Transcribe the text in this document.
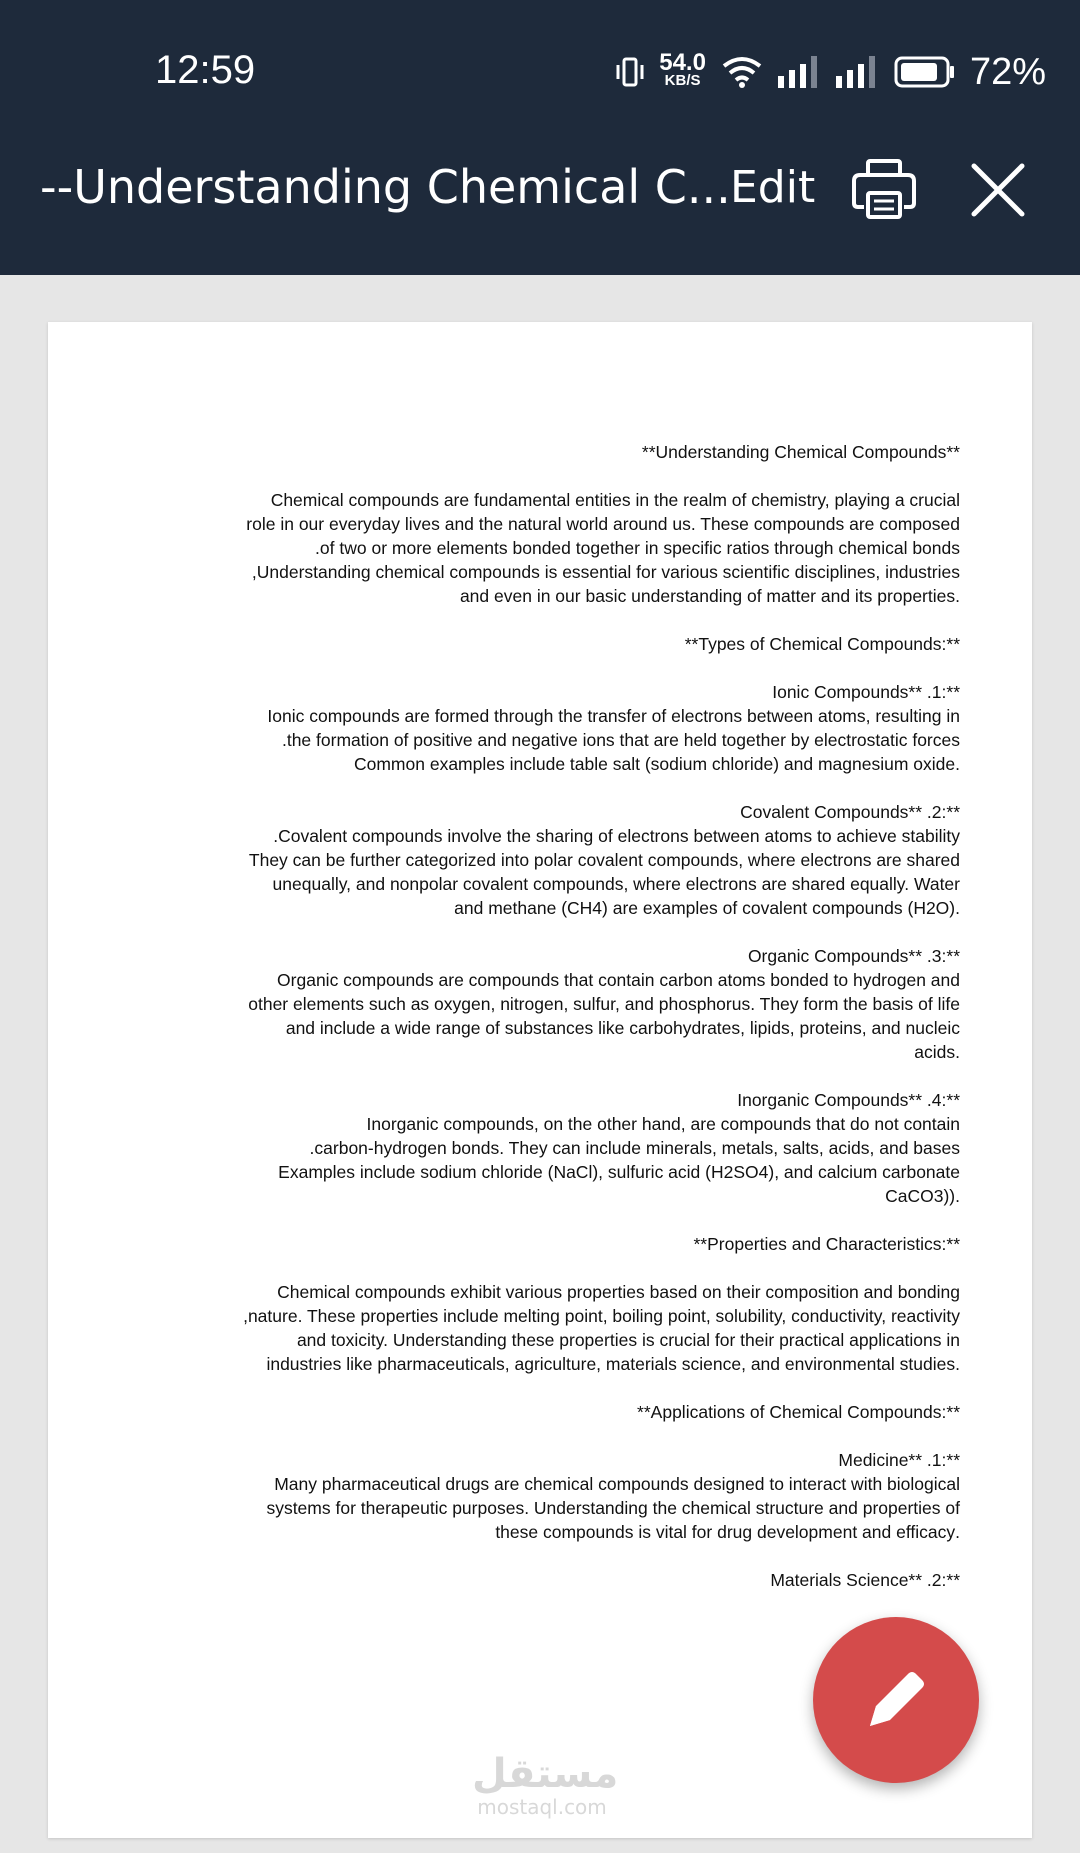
12:59	54.0
KB/S	72%
--Understanding Chemical C... Edit

**Understanding Chemical Compounds**

Chemical compounds are fundamental entities in the realm of chemistry, playing a crucial
role in our everyday lives and the natural world around us. These compounds are composed
of two or more elements bonded together in specific ratios through chemical bonds.
Understanding chemical compounds is essential for various scientific disciplines, industries,
.and even in our basic understanding of matter and its properties

**:Types of Chemical Compounds**

**:Ionic Compounds** .1
Ionic compounds are formed through the transfer of electrons between atoms, resulting in
the formation of positive and negative ions that are held together by electrostatic forces.
.Common examples include table salt (sodium chloride) and magnesium oxide

**:Covalent Compounds** .2
Covalent compounds involve the sharing of electrons between atoms to achieve stability.
They can be further categorized into polar covalent compounds, where electrons are shared
unequally, and nonpolar covalent compounds, where electrons are shared equally. Water
.(H2O) and methane (CH4) are examples of covalent compounds

**:Organic Compounds** .3
Organic compounds are compounds that contain carbon atoms bonded to hydrogen and
other elements such as oxygen, nitrogen, sulfur, and phosphorus. They form the basis of life
and include a wide range of substances like carbohydrates, lipids, proteins, and nucleic
.acids

**:Inorganic Compounds** .4
Inorganic compounds, on the other hand, are compounds that do not contain
carbon-hydrogen bonds. They can include minerals, metals, salts, acids, and bases.
Examples include sodium chloride (NaCl), sulfuric acid (H2SO4), and calcium carbonate
.((CaCO3

**:Properties and Characteristics**

Chemical compounds exhibit various properties based on their composition and bonding
nature. These properties include melting point, boiling point, solubility, conductivity, reactivity,
and toxicity. Understanding these properties is crucial for their practical applications in
.industries like pharmaceuticals, agriculture, materials science, and environmental studies

**:Applications of Chemical Compounds**

**:Medicine** .1
Many pharmaceutical drugs are chemical compounds designed to interact with biological
systems for therapeutic purposes. Understanding the chemical structure and properties of
.these compounds is vital for drug development and efficacy

**:Materials Science** .2

مستقل
mostaql.com
